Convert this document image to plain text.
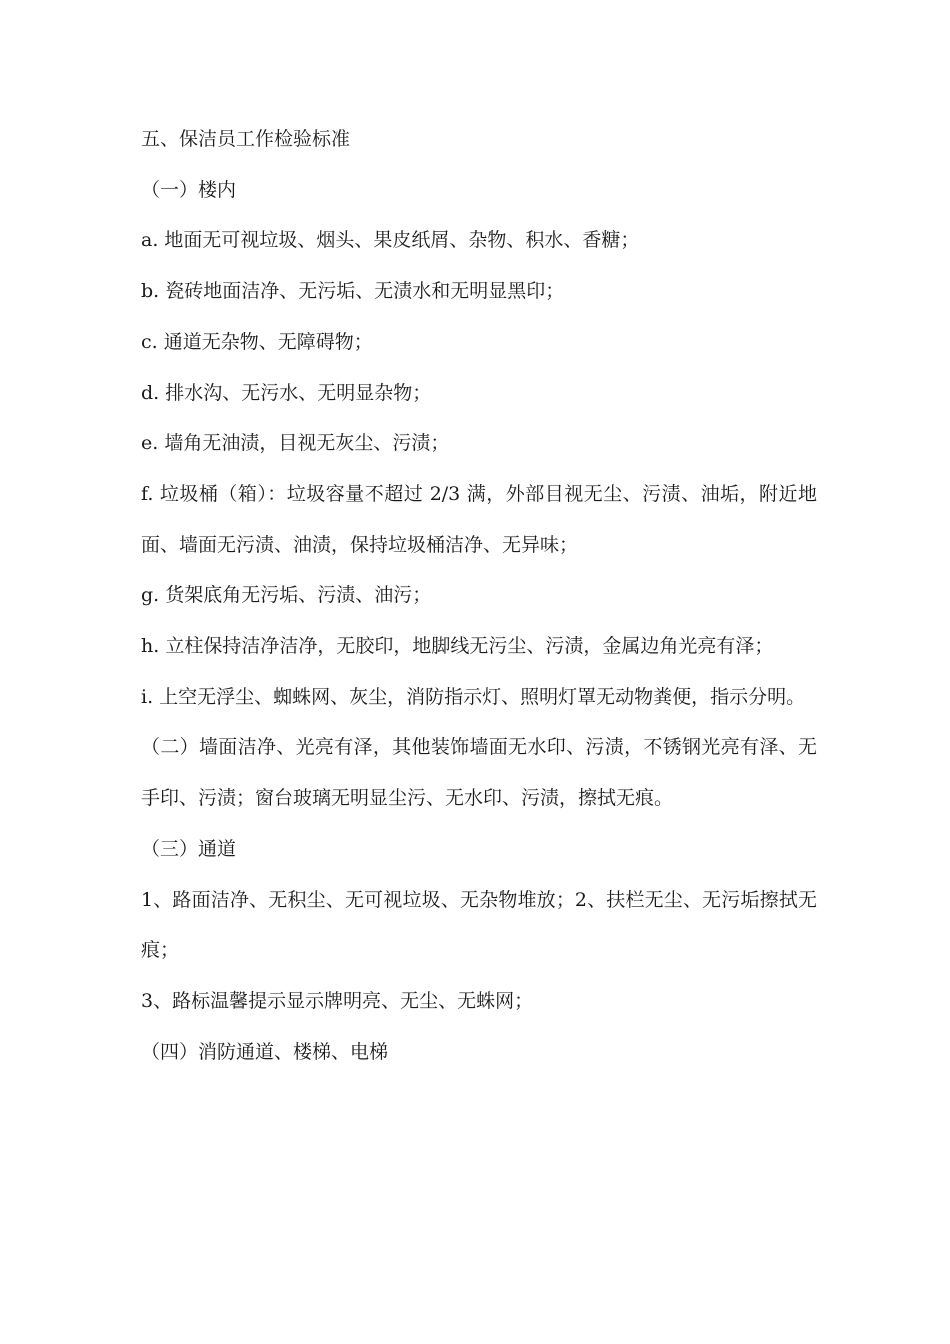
五、保洁员工作检验标准

（一）楼内

a. 地面无可视垃圾、烟头、果皮纸屑、杂物、积水、香糖；

b. 瓷砖地面洁净、无污垢、无渍水和无明显黑印；

c. 通道无杂物、无障碍物；

d. 排水沟、无污水、无明显杂物；

e. 墙角无油渍，目视无灰尘、污渍；

f. 垃圾桶（箱）：垃圾容量不超过 2/3 满，外部目视无尘、污渍、油垢，附近地面、墙面无污渍、油渍，保持垃圾桶洁净、无异味；

g. 货架底角无污垢、污渍、油污；

h. 立柱保持洁净洁净，无胶印，地脚线无污尘、污渍，金属边角光亮有泽；

i. 上空无浮尘、蜘蛛网、灰尘，消防指示灯、照明灯罩无动物粪便，指示分明。

（二）墙面洁净、光亮有泽，其他装饰墙面无水印、污渍，不锈钢光亮有泽、无手印、污渍；窗台玻璃无明显尘污、无水印、污渍，擦拭无痕。

（三）通道

1、路面洁净、无积尘、无可视垃圾、无杂物堆放；2、扶栏无尘、无污垢擦拭无痕；

3、路标温馨提示显示牌明亮、无尘、无蛛网；

（四）消防通道、楼梯、电梯
